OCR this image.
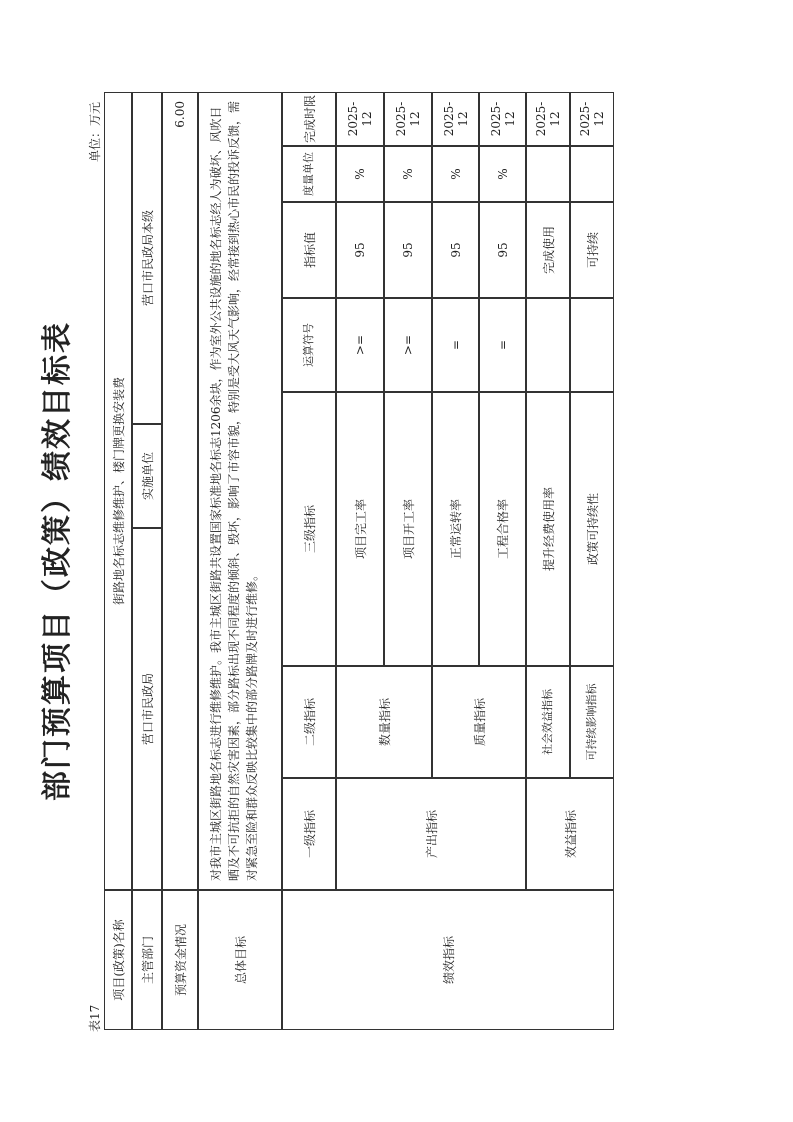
部门预算项目（政策）绩效目标表
表17
单位：万元
项目(政策)名称
街路地名标志维修维护、楼门牌更换安装费
主管部门
营口市民政局
实施单位
营口市民政局本级
预算资金情况
6.00
总体目标
对我市主城区街路地名标志进行维修维护。我市主城区街路共设置国家标准地名标志1206余块，作为室外公共设施的地名标志经人为破坏、风吹日晒及不可抗拒的自然灾害因素，部分路标出现不同程度的倾斜、毁坏，影响了市容市貌，特别是受大风天气影响，经常接到热心市民的投诉反馈，需对紧急至险和群众反映比较集中的部分路牌及时进行维修。
绩效指标
一级指标
二级指标
三级指标
运算符号
指标值
度量单位
完成时限
产出指标
数量指标	质量指标
效益指标
社会效益指标	可持续影响指标
项目完工率
>=
95
%
2025-12
项目开工率
>=
95
%
2025-12
正常运转率
=
95
%
2025-12
工程合格率
=
95
%
2025-12
提升经费使用率
完成使用
2025-12
政策可持续性
可持续
2025-12
